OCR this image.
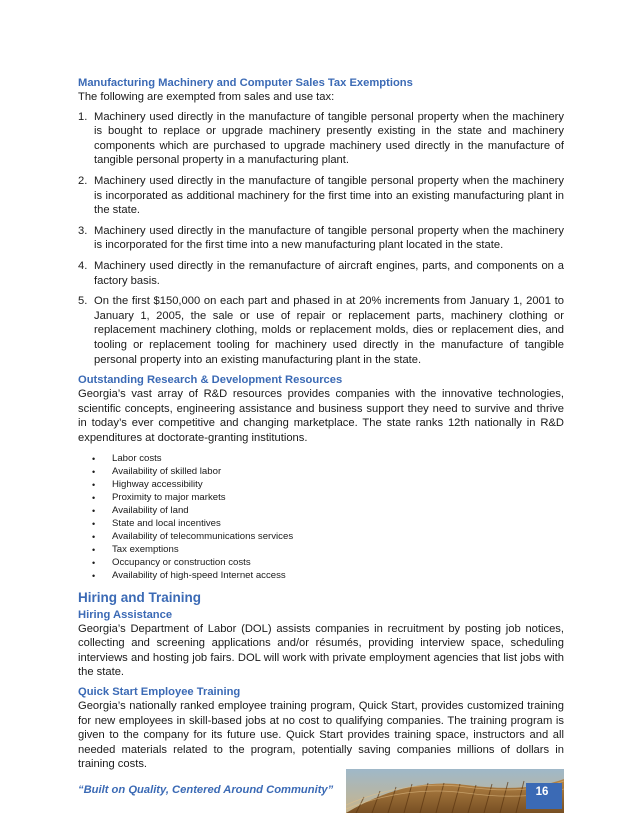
Manufacturing Machinery and Computer Sales Tax Exemptions

The following are exempted from sales and use tax:

1. Machinery used directly in the manufacture of tangible personal property when the machinery is bought to replace or upgrade machinery presently existing in the state and machinery components which are purchased to upgrade machinery used directly in the manufacture of tangible personal property in a manufacturing plant.
2. Machinery used directly in the manufacture of tangible personal property when the machinery is incorporated as additional machinery for the first time into an existing manufacturing plant in the state.
3. Machinery used directly in the manufacture of tangible personal property when the machinery is incorporated for the first time into a new manufacturing plant located in the state.
4. Machinery used directly in the remanufacture of aircraft engines, parts, and components on a factory basis.
5. On the first $150,000 on each part and phased in at 20% increments from January 1, 2001 to January 1, 2005, the sale or use of repair or replacement parts, machinery clothing or replacement machinery clothing, molds or replacement molds, dies or replacement dies, and tooling or replacement tooling for machinery used directly in the manufacture of tangible personal property into an existing manufacturing plant in the state.
Outstanding Research & Development Resources

Georgia’s vast array of R&D resources provides companies with the innovative technologies, scientific concepts, engineering assistance and business support they need to survive and thrive in today’s ever competitive and changing marketplace. The state ranks 12th nationally in R&D expenditures at doctorate-granting institutions.

• Labor costs
• Availability of skilled labor
• Highway accessibility
• Proximity to major markets
• Availability of land
• State and local incentives
• Availability of telecommunications services
• Tax exemptions
• Occupancy or construction costs
• Availability of high-speed Internet access
Hiring and Training
Hiring Assistance

Georgia’s Department of Labor (DOL) assists companies in recruitment by posting job notices, collecting and screening applications and/or résumés, providing interview space, scheduling interviews and hosting job fairs. DOL will work with private employment agencies that list jobs with the state.

Quick Start Employee Training

Georgia’s nationally ranked employee training program, Quick Start, provides customized training for new employees in skill-based jobs at no cost to qualifying companies. The training program is given to the company for its future use. Quick Start provides training space, instructors and all needed materials related to the program, potentially saving companies millions of dollars in training costs.

“Built on Quality, Centered Around Community”	16
